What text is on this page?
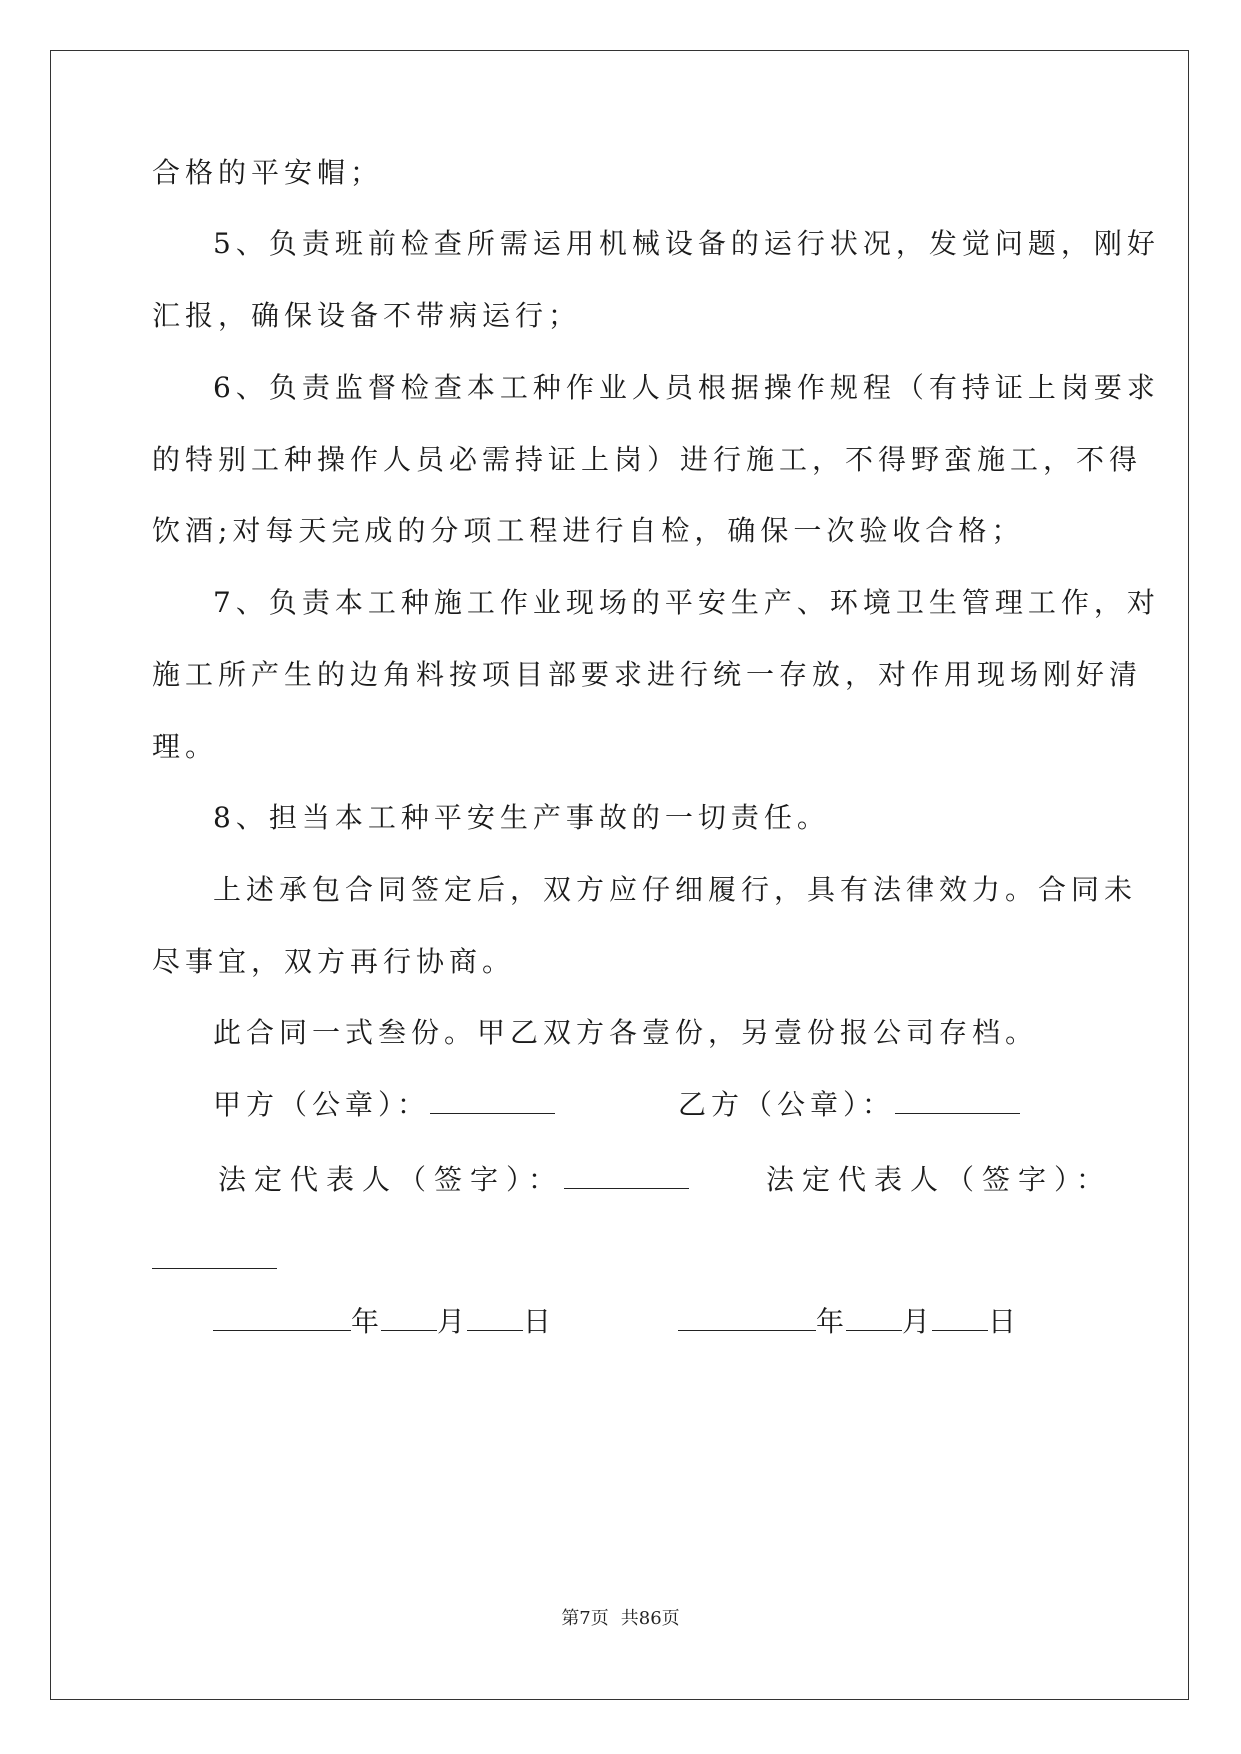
合格的平安帽；
5、负责班前检查所需运用机械设备的运行状况，发觉问题，刚好
汇报，确保设备不带病运行；
6、负责监督检查本工种作业人员根据操作规程（有持证上岗要求
的特别工种操作人员必需持证上岗）进行施工，不得野蛮施工，不得
饮酒;对每天完成的分项工程进行自检，确保一次验收合格；
7、负责本工种施工作业现场的平安生产、环境卫生管理工作，对
施工所产生的边角料按项目部要求进行统一存放，对作用现场刚好清
理。
8、担当本工种平安生产事故的一切责任。
上述承包合同签定后，双方应仔细履行，具有法律效力。合同未
尽事宜，双方再行协商。
此合同一式叁份。甲乙双方各壹份，另壹份报公司存档。
甲方（公章）：	乙方（公章）：
法定代表人（签字）：	法定代表人（签字）：
年 月 日	年 月 日
第7页 共86页
